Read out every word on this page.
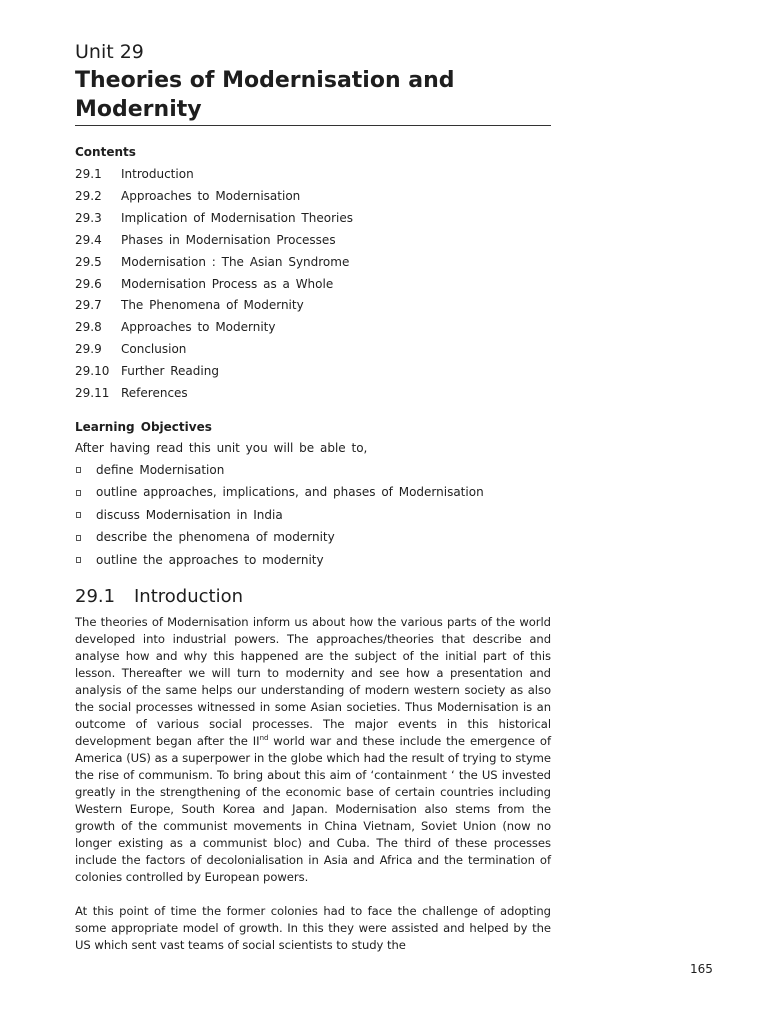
Unit 29
Theories of Modernisation and Modernity
Contents
29.1	Introduction
29.2	Approaches to Modernisation
29.3	Implication of Modernisation Theories
29.4	Phases in Modernisation Processes
29.5	Modernisation : The Asian Syndrome
29.6	Modernisation Process as a Whole
29.7	The Phenomena of Modernity
29.8	Approaches to Modernity
29.9	Conclusion
29.10 Further Reading
29.11 References
Learning Objectives

After having read this unit you will be able to,

define Modernisation
outline approaches, implications, and phases of Modernisation
discuss Modernisation in India
describe the phenomena of modernity
outline the approaches to modernity
29.1	Introduction

The theories of Modernisation inform us about how the various parts of the world developed into industrial powers. The approaches/theories that describe and analyse how and why this happened are the subject of the initial part of this lesson. Thereafter we will turn to modernity and see how a presentation and analysis of the same helps our understanding of modern western society as also the social processes witnessed in some Asian societies. Thus Modernisation is an outcome of various social processes. The major events in this historical development began after the IInd world war and these include the emergence of America (US) as a superpower in the globe which had the result of trying to styme the rise of communism. To bring about this aim of ‘containment ‘ the US invested greatly in the strengthening of the economic base of certain countries including Western Europe, South Korea and Japan. Modernisation also stems from the growth of the communist movements in China Vietnam, Soviet Union (now no longer existing as a communist bloc) and Cuba. The third of these processes include the factors of decolonialisation in Asia and Africa and the termination of colonies controlled by European powers.

At this point of time the former colonies had to face the challenge of adopting some appropriate model of growth. In this they were assisted and helped by the US which sent vast teams of social scientists to study the

165
